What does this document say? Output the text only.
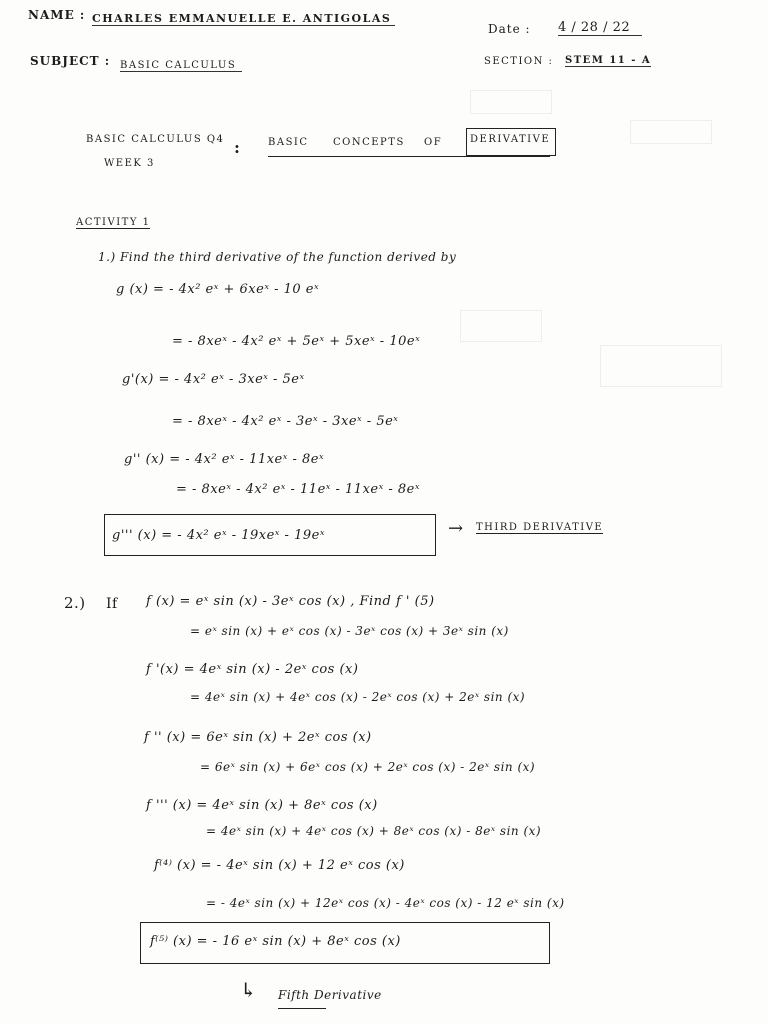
NAME : CHARLES EMMANUELLE E. ANTIGOLAS
Date : 4 / 28 / 22
SUBJECT : BASIC CALCULUS	SECTION : STEM 11 - A
BASIC CALCULUS Q4 :	BASIC CONCEPTS OF	DERIVATIVE
WEEK 3
ACTIVITY 1
1.) Find the third derivative of the function derived by
g (x) = - 4x² eˣ + 6xeˣ - 10 eˣ
= - 8xeˣ - 4x² eˣ + 5eˣ + 5xeˣ - 10eˣ
g'(x) = - 4x² eˣ - 3xeˣ - 5eˣ
= - 8xeˣ - 4x² eˣ - 3eˣ - 3xeˣ - 5eˣ
g'' (x) = - 4x² eˣ - 11xeˣ - 8eˣ
= - 8xeˣ - 4x² eˣ - 11eˣ - 11xeˣ - 8eˣ
g''' (x) = - 4x² eˣ - 19xeˣ - 19eˣ	→ THIRD DERIVATIVE
2.) If f (x) = eˣ sin (x) - 3eˣ cos (x) , Find f ' (5)
= eˣ sin (x) + eˣ cos (x) - 3eˣ cos (x) + 3eˣ sin (x)
f '(x) = 4eˣ sin (x) - 2eˣ cos (x)
= 4eˣ sin (x) + 4eˣ cos (x) - 2eˣ cos (x) + 2eˣ sin (x)
f '' (x) = 6eˣ sin (x) + 2eˣ cos (x)
= 6eˣ sin (x) + 6eˣ cos (x) + 2eˣ cos (x) - 2eˣ sin (x)
f ''' (x) = 4eˣ sin (x) + 8eˣ cos (x)
= 4eˣ sin (x) + 4eˣ cos (x) + 8eˣ cos (x) - 8eˣ sin (x)
f⁽⁴⁾ (x) = - 4eˣ sin (x) + 12 eˣ cos (x)
= - 4eˣ sin (x) + 12eˣ cos (x) - 4eˣ cos (x) - 12 eˣ sin (x)
f⁽⁵⁾ (x) = - 16 eˣ sin (x) + 8eˣ cos (x)
↳ Fifth Derivative
